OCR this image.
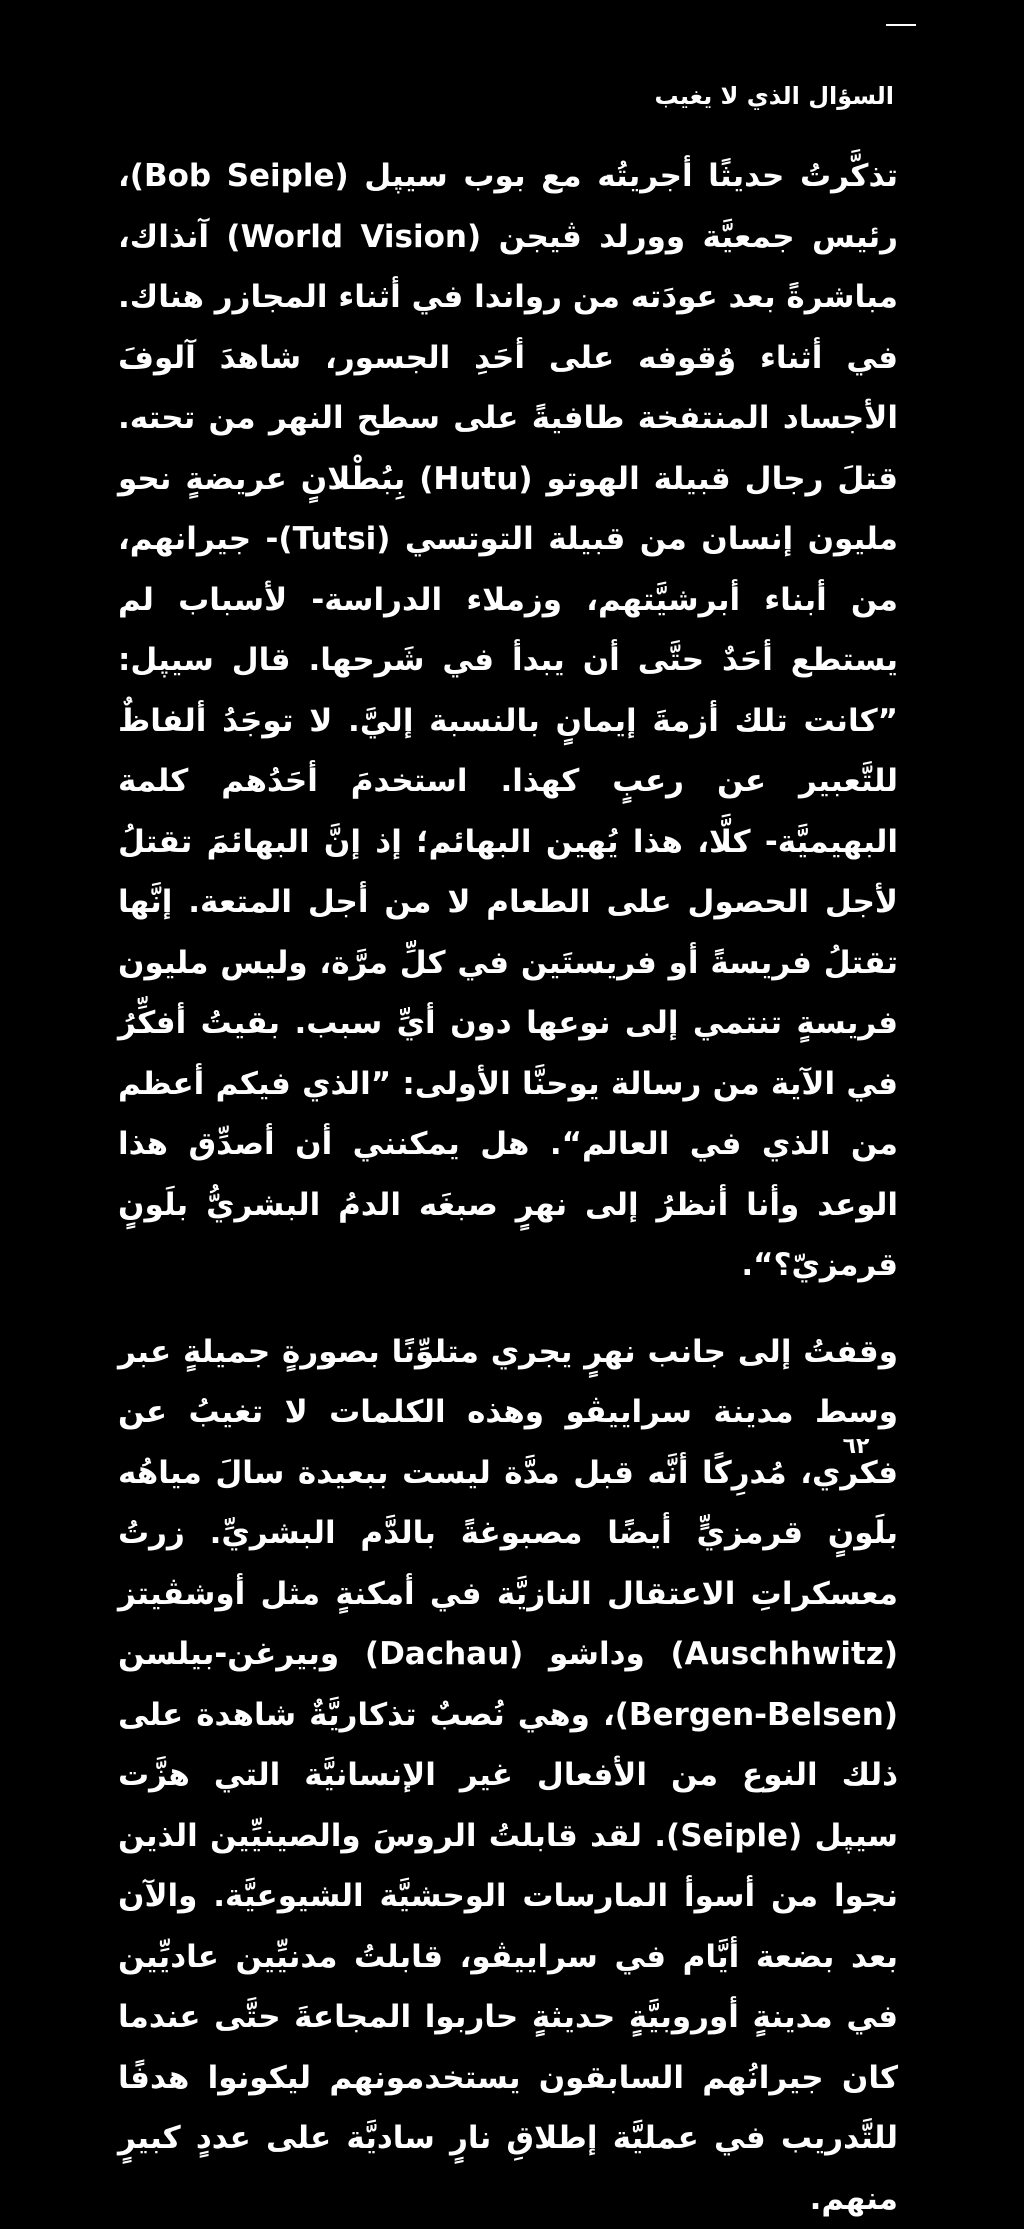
السؤال الذي لا يغيب

تذكَّرتُ حديثًا أجريتُه مع بوب سيپل (Bob Seiple)، رئيس جمعيَّة وورلد ڤيجن (World Vision) آنذاك، مباشرةً بعد عودَته من رواندا في أثناء المجازر هناك. في أثناء وُقوفه على أحَدِ الجسور، شاهدَ آلوفَ الأجساد المنتفخة طافيةً على سطح النهر من تحته. قتلَ رجال قبيلة الهوتو (Hutu) بِبُطْلانٍ عريضةٍ نحو مليون إنسان من قبيلة التوتسي (Tutsi)- جيرانهم، من أبناء أبرشيَّتهم، وزملاء الدراسة- لأسباب لم يستطع أحَدٌ حتَّى أن يبدأ في شَرحها. قال سيپل: ”كانت تلك أزمةَ إيمانٍ بالنسبة إليَّ. لا توجَدُ ألفاظٌ للتَّعبير عن رعبٍ كهذا. استخدمَ أحَدُهم كلمة البهيميَّة- كلَّا، هذا يُهين البهائم؛ إذ إنَّ البهائمَ تقتلُ لأجل الحصول على الطعام لا من أجل المتعة. إنَّها تقتلُ فريسةً أو فريستَين في كلِّ مرَّة، وليس مليون فريسةٍ تنتمي إلى نوعها دون أيِّ سبب. بقيتُ أفكِّرُ في الآية من رسالة يوحنَّا الأولى: ”الذي فيكم أعظم من الذي في العالم“. هل يمكنني أن أصدِّق هذا الوعد وأنا أنظرُ إلى نهرٍ صبغَه الدمُ البشريُّ بلَونٍ قرمزيّ؟“.

وقفتُ إلى جانب نهرٍ يجري متلوِّنًا بصورةٍ جميلةٍ عبر وسط مدينة سراييڤو وهذه الكلمات لا تغيبُ عن فكري، مُدرِكًا أنَّه قبل مدَّة ليست ببعيدة سالَ مياهُه بلَونٍ قرمزيٍّ أيضًا مصبوغةً بالدَّم البشريِّ. زرتُ معسكراتِ الاعتقال النازيَّة في أمكنةٍ مثل أوشڤيتز (Auschhwitz) وداشو (Dachau) وبيرغن-بيلسن (Bergen-Belsen)، وهي نُصبٌ تذكاريَّةٌ شاهدة على ذلك النوع من الأفعال غير الإنسانيَّة التي هزَّت سيپل (Seiple). لقد قابلتُ الروسَ والصينيِّين الذين نجوا من أسوأ المارسات الوحشيَّة الشيوعيَّة. والآن بعد بضعة أيَّام في سراييڤو، قابلتُ مدنيِّين عاديِّين في مدينةٍ أوروبيَّةٍ حديثةٍ حاربوا المجاعةَ حتَّى عندما كان جيرانُهم السابقون يستخدمونهم ليكونوا هدفًا للتَّدريب في عمليَّة إطلاقِ نارٍ ساديَّة على عددٍ كبيرٍ منهم.

٦٢
